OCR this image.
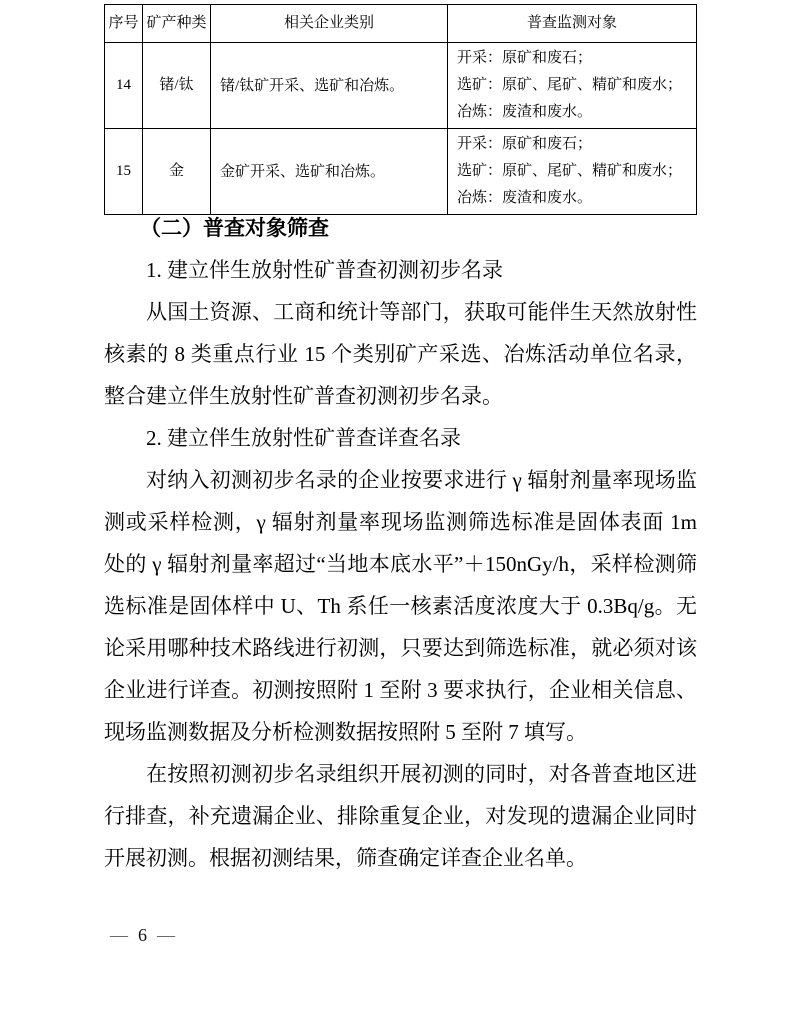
序号	矿产种类	相关企业类别	普查监测对象
14	锗/钛	锗/钛矿开采、选矿和冶炼。	开采：原矿和废石；
选矿：原矿、尾矿、精矿和废水；
冶炼：废渣和废水。

15	金	金矿开采、选矿和冶炼。	开采：原矿和废石；
选矿：原矿、尾矿、精矿和废水；
冶炼：废渣和废水。
（二）普查对象筛查
1. 建立伴生放射性矿普查初测初步名录

从国土资源、工商和统计等部门，获取可能伴生天然放射性核素的 8 类重点行业 15 个类别矿产采选、冶炼活动单位名录，整合建立伴生放射性矿普查初测初步名录。

2. 建立伴生放射性矿普查详查名录

对纳入初测初步名录的企业按要求进行 γ 辐射剂量率现场监测或采样检测，γ 辐射剂量率现场监测筛选标准是固体表面 1m 处的 γ 辐射剂量率超过“当地本底水平”＋150nGy/h，采样检测筛选标准是固体样中 U、Th 系任一核素活度浓度大于 0.3Bq/g。无论采用哪种技术路线进行初测，只要达到筛选标准，就必须对该企业进行详查。初测按照附 1 至附 3 要求执行，企业相关信息、现场监测数据及分析检测数据按照附 5 至附 7 填写。

在按照初测初步名录组织开展初测的同时，对各普查地区进行排查，补充遗漏企业、排除重复企业，对发现的遗漏企业同时开展初测。根据初测结果，筛查确定详查企业名单。

— 6 —
